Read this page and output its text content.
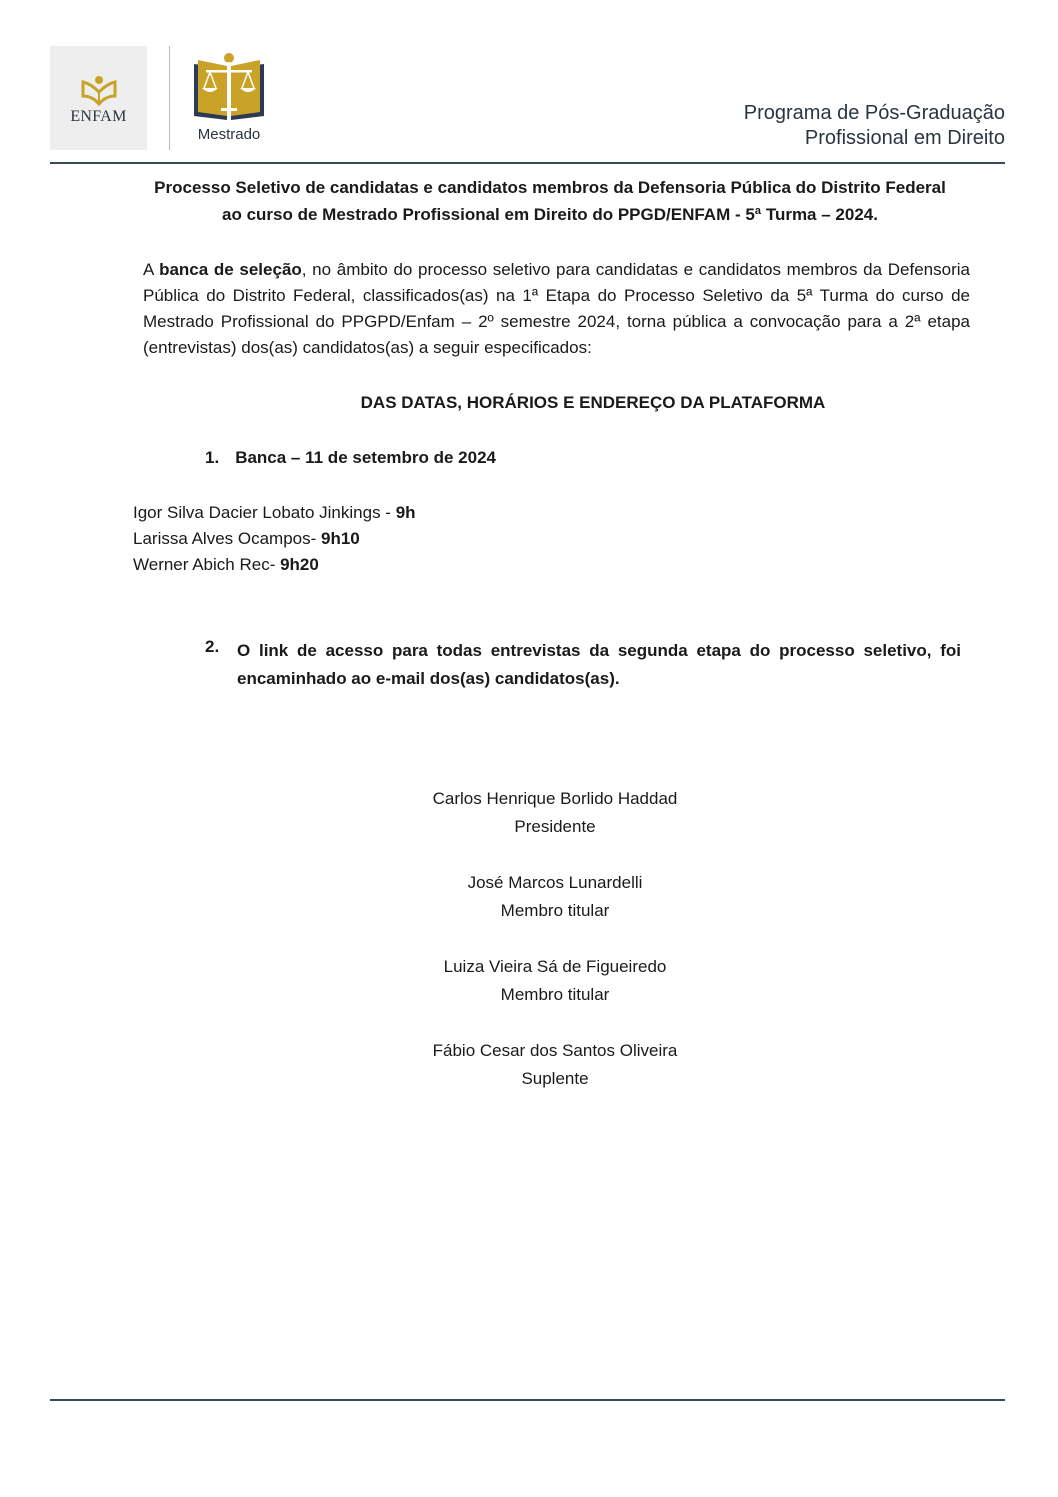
ENFAM
Mestrado
Programa de Pós-Graduação
Profissional em Direito
Processo Seletivo de candidatas e candidatos membros da Defensoria Pública do Distrito Federal
ao curso de Mestrado Profissional em Direito do PPGD/ENFAM - 5ª Turma – 2024.
A banca de seleção, no âmbito do processo seletivo para candidatas e candidatos membros da Defensoria Pública do Distrito Federal, classificados(as) na 1ª Etapa do Processo Seletivo da 5ª Turma do curso de Mestrado Profissional do PPGPD/Enfam – 2º semestre 2024, torna pública a convocação para a 2ª etapa (entrevistas) dos(as) candidatos(as) a seguir especificados:
DAS DATAS, HORÁRIOS E ENDEREÇO DA PLATAFORMA
1. Banca – 11 de setembro de 2024
Igor Silva Dacier Lobato Jinkings - 9h
Larissa Alves Ocampos- 9h10
Werner Abich Rec- 9h20
2. O link de acesso para todas entrevistas da segunda etapa do processo seletivo, foi encaminhado ao e-mail dos(as) candidatos(as).
Carlos Henrique Borlido Haddad
Presidente
José Marcos Lunardelli
Membro titular
Luiza Vieira Sá de Figueiredo
Membro titular
Fábio Cesar dos Santos Oliveira
Suplente
